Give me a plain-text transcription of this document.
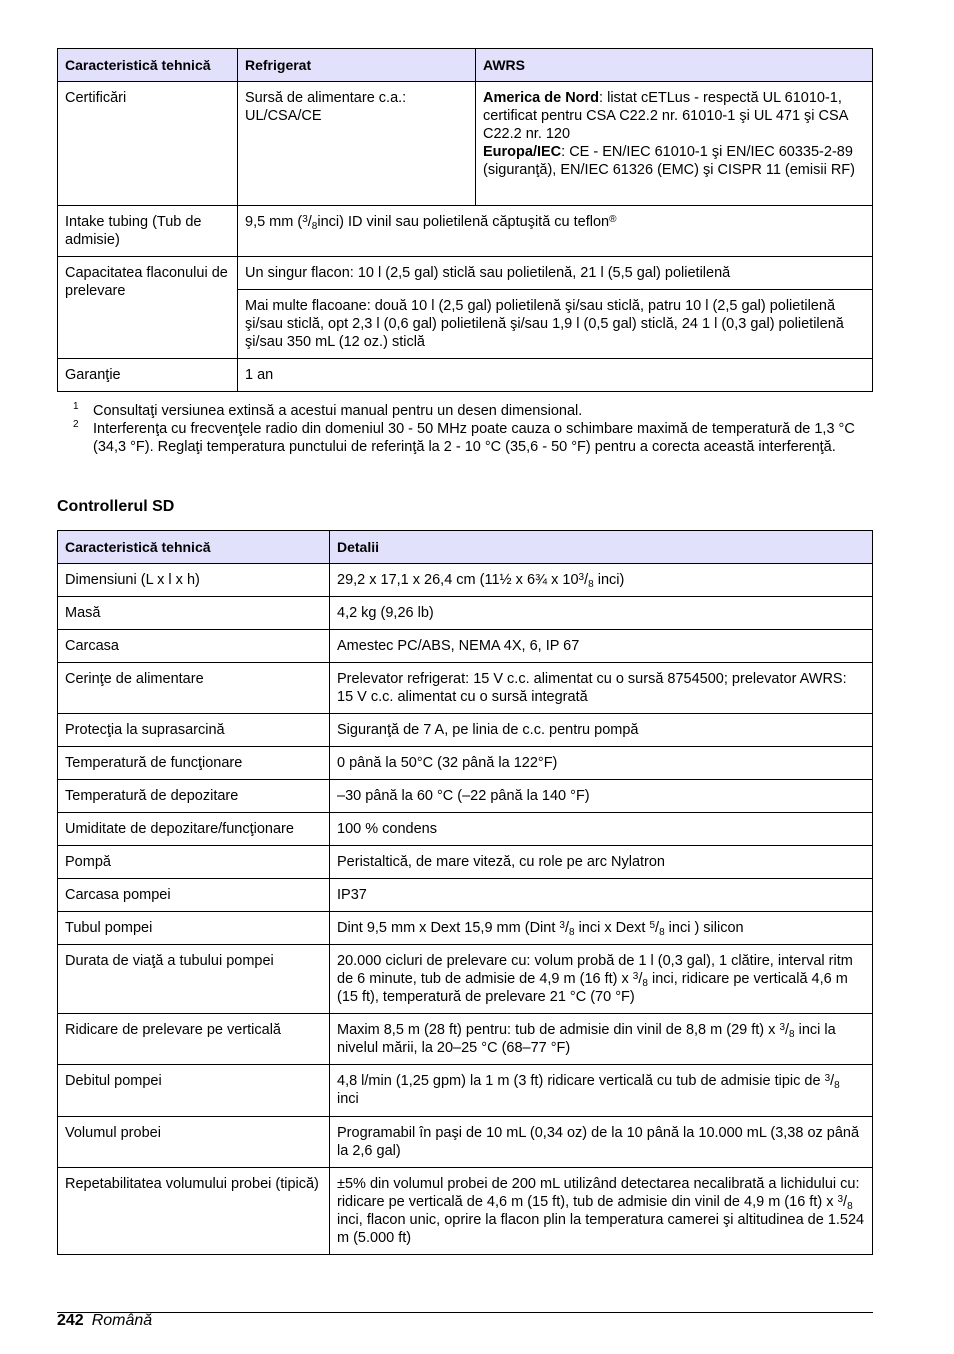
Caracteristică tehnică	Refrigerat	AWRS
Certificări	Sursă de alimentare c.a.: UL/CSA/CE	America de Nord: listat cETLus - respectă UL 61010-1, certificat pentru CSA C22.2 nr. 61010-1 şi UL 471 şi CSA C22.2 nr. 120
Europa/IEC: CE - EN/IEC 61010-1 şi EN/IEC 60335-2-89 (siguranţă), EN/IEC 61326 (EMC) şi CISPR 11 (emisii RF)
Intake tubing (Tub de admisie)	9,5 mm $(^3/_8inci)$ ID vinil sau polietilenă căptuşită cu teflon®
Capacitatea flaconului de prelevare	Un singur flacon: 10 l (2,5 gal) sticlă sau polietilenă, 21 l (5,5 gal) polietilenă	
	Mai multe flacoane: două 10 l (2,5 gal) polietilenă şi/sau sticlă, patru 10 l (2,5 gal) polietilenă şi/sau sticlă, opt 2,3 l (0,6 gal) polietilenă şi/sau 1,9 l (0,5 gal) sticlă, 24 1 l (0,3 gal) polietilenă şi/sau 350 mL (12 oz.) sticlă	
Garanţie	1 an	
1 Consultaţi versiunea extinsă a acestui manual pentru un desen dimensional.
2 Interferenţa cu frecvenţele radio din domeniul 30 - 50 MHz poate cauza o schimbare maximă de temperatură de 1,3 °C (34,3 °F). Reglaţi temperatura punctului de referinţă la 2 - 10 °C (35,6 - 50 °F) pentru a corecta această interferenţă.
Controllerul SD
Caracteristică tehnică	Detalii
Dimensiuni (L x l x h)	29,2 x 17,1 x 26,4 cm (11½ x 6¾ x $10^3/_8$ inci)
Masă	4,2 kg (9,26 lb)
Carcasa	Amestec PC/ABS, NEMA 4X, 6, IP 67
Cerinţe de alimentare	Prelevator refrigerat: 15 V c.c. alimentat cu o sursă 8754500; prelevator AWRS: 15 V c.c. alimentat cu o sursă integrată
Protecţia la suprasarcină	Siguranţă de 7 A, pe linia de c.c. pentru pompă
Temperatură de funcţionare	0 până la 50°C (32 până la 122°F)
Temperatură de depozitare	–30 până la 60 °C (–22 până la 140 °F)
Umiditate de depozitare/funcţionare	100 % condens
Pompă	Peristaltică, de mare viteză, cu role pe arc Nylatron
Carcasa pompei	IP37
Tubul pompei	Dint 9,5 mm x Dext 15,9 mm (Dint $^3/_8$ inci x Dext $^5/_8$ inci ) silicon
Durata de viaţă a tubului pompei	20.000 cicluri de prelevare cu: volum probă de 1 l (0,3 gal), 1 clătire, interval ritm de 6 minute, tub de admisie de 4,9 m (16 ft) x $^3/_8$ inci, ridicare pe verticală 4,6 m (15 ft), temperatură de prelevare 21 °C (70 °F)
Ridicare de prelevare pe verticală	Maxim 8,5 m (28 ft) pentru: tub de admisie din vinil de 8,8 m (29 ft) x $^3/_8$ inci la nivelul mării, la 20–25 °C (68–77 °F)
Debitul pompei	4,8 l/min (1,25 gpm) la 1 m (3 ft) ridicare verticală cu tub de admisie tipic de $^3/_8$ inci
Volumul probei	Programabil în paşi de 10 mL (0,34 oz) de la 10 până la 10.000 mL (3,38 oz până la 2,6 gal)
Repetabilitatea volumului probei (tipică)	±5% din volumul probei de 200 mL utilizând detectarea necalibrată a lichidului cu: ridicare pe verticală de 4,6 m (15 ft), tub de admisie din vinil de 4,9 m (16 ft) x $^3/_8$ inci, flacon unic, oprire la flacon plin la temperatura camerei şi altitudinea de 1.524 m (5.000 ft)
242 Română
